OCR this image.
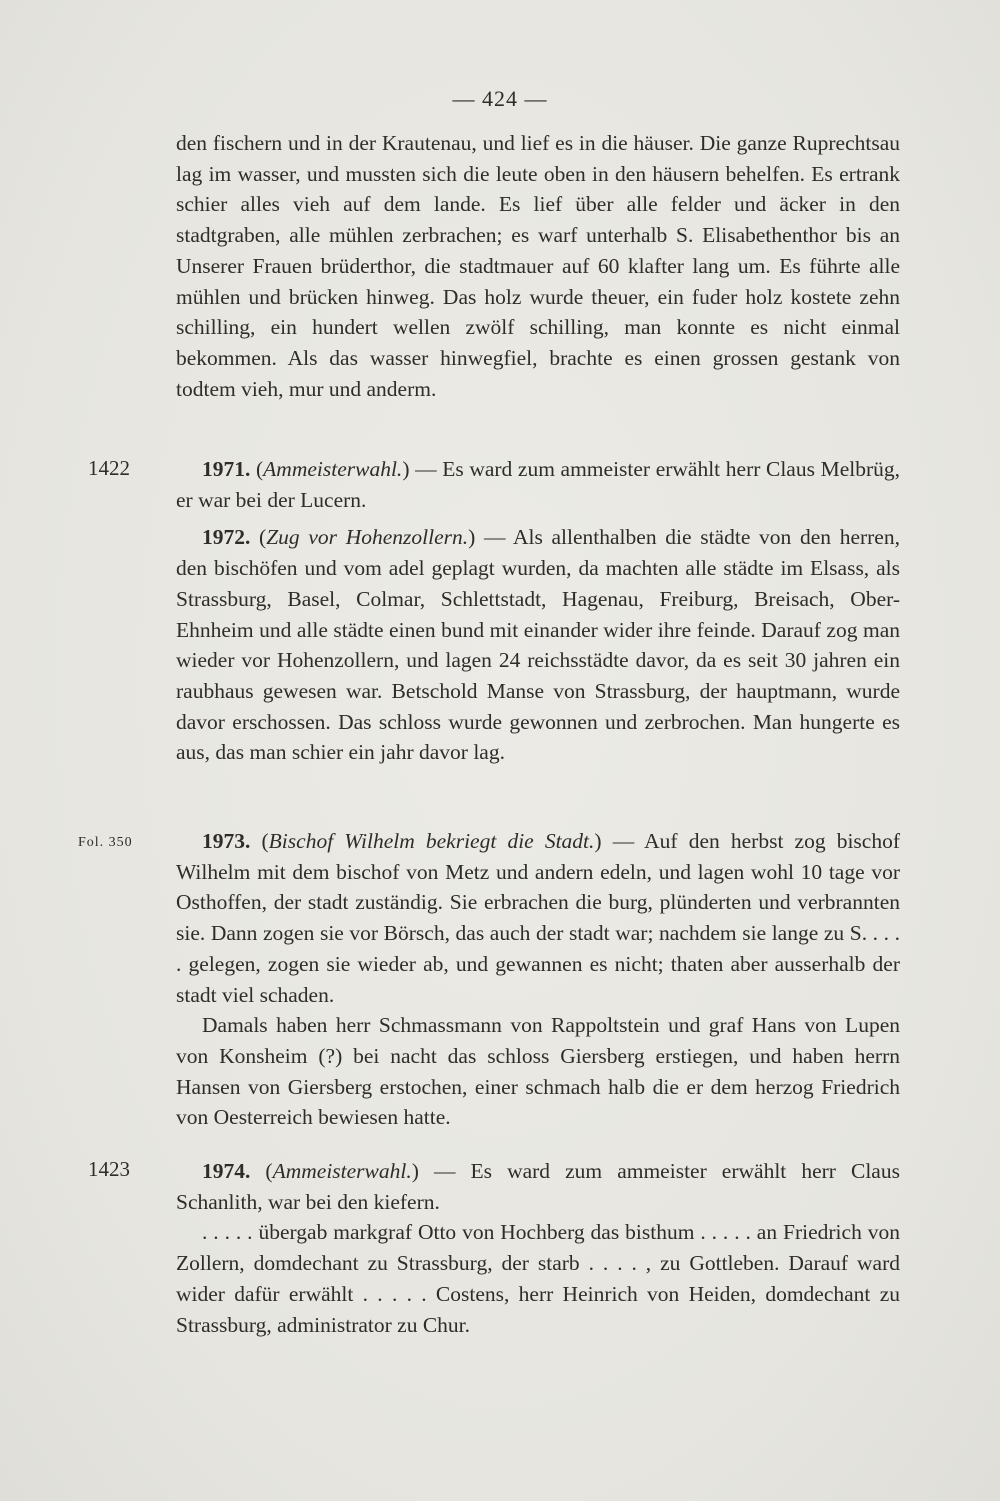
— 424 —

den fischern und in der Krautenau, und lief es in die häuser. Die ganze Ruprechtsau lag im wasser, und mussten sich die leute oben in den häusern behelfen. Es ertrank schier alles vieh auf dem lande. Es lief über alle felder und äcker in den stadtgraben, alle mühlen zerbrachen; es warf unterhalb S. Elisabethenthor bis an Unserer Frauen brüderthor, die stadtmauer auf 60 klafter lang um. Es führte alle mühlen und brücken hinweg. Das holz wurde theuer, ein fuder holz kostete zehn schilling, ein hundert wellen zwölf schilling, man konnte es nicht einmal bekommen. Als das wasser hinwegfiel, brachte es einen grossen gestank von todtem vieh, mur und anderm.

1422	1971. (Ammeisterwahl.) — Es ward zum ammeister erwählt herr Claus Melbrüg, er war bei der Lucern.

1972. (Zug vor Hohenzollern.) — Als allenthalben die städte von den herren, den bischöfen und vom adel geplagt wurden, da machten alle städte im Elsass, als Strassburg, Basel, Colmar, Schlettstadt, Hagenau, Freiburg, Breisach, Ober-Ehnheim und alle städte einen bund mit einander wider ihre feinde. Darauf zog man wieder vor Hohenzollern, und lagen 24 reichsstädte davor, da es seit 30 jahren ein raubhaus gewesen war. Betschold Manse von Strassburg, der hauptmann, wurde davor erschossen. Das schloss wurde gewonnen und zerbrochen. Man hungerte es aus, das man schier ein jahr davor lag.

Fol. 350	1973. (Bischof Wilhelm bekriegt die Stadt.) — Auf den herbst zog bischof Wilhelm mit dem bischof von Metz und andern edeln, und lagen wohl 10 tage vor Osthoffen, der stadt zuständig. Sie erbrachen die burg, plünderten und verbrannten sie. Dann zogen sie vor Börsch, das auch der stadt war; nachdem sie lange zu S. . . . . gelegen, zogen sie wieder ab, und gewannen es nicht; thaten aber ausserhalb der stadt viel schaden.

Damals haben herr Schmassmann von Rappoltstein und graf Hans von Lupen von Konsheim (?) bei nacht das schloss Giersberg erstiegen, und haben herrn Hansen von Giersberg erstochen, einer schmach halb die er dem herzog Friedrich von Oesterreich bewiesen hatte.

1423	1974. (Ammeisterwahl.) — Es ward zum ammeister erwählt herr Claus Schanlith, war bei den kiefern.

. . . . . übergab markgraf Otto von Hochberg das bisthum . . . . . an Friedrich von Zollern, domdechant zu Strassburg, der starb . . . . , zu Gottleben. Darauf ward wider dafür erwählt . . . . . Costens, herr Heinrich von Heiden, domdechant zu Strassburg, administrator zu Chur.
